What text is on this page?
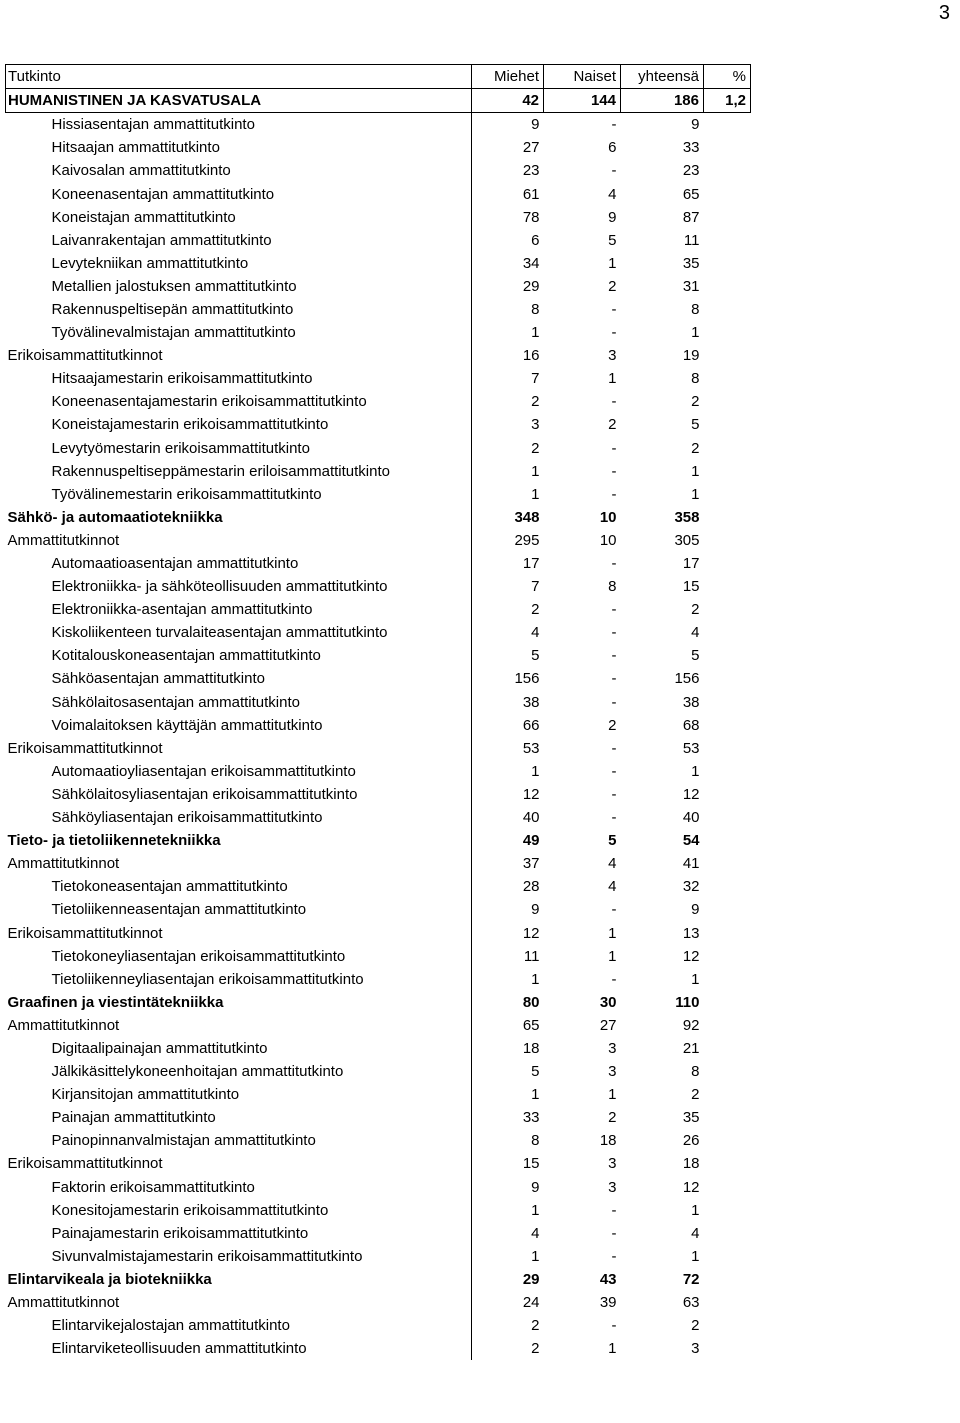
3
Tutkinto	Miehet	Naiset	yhteensä	%
HUMANISTINEN JA KASVATUSALA	42	144	186	1,2
Hissiasentajan ammattitutkinto	9	-	9	
Hitsaajan ammattitutkinto	27	6	33	
Kaivosalan ammattitutkinto	23	-	23	
Koneenasentajan ammattitutkinto	61	4	65	
Koneistajan ammattitutkinto	78	9	87	
Laivanrakentajan ammattitutkinto	6	5	11	
Levytekniikan ammattitutkinto	34	1	35	
Metallien jalostuksen ammattitutkinto	29	2	31	
Rakennuspeltisepän ammattitutkinto	8	-	8	
Työvälinevalmistajan ammattitutkinto	1	-	1	
Erikoisammattitutkinnot	16	3	19	
Hitsaajamestarin erikoisammattitutkinto	7	1	8	
Koneenasentajamestarin erikoisammattitutkinto	2	-	2	
Koneistajamestarin erikoisammattitutkinto	3	2	5	
Levytyömestarin erikoisammattitutkinto	2	-	2	
Rakennuspeltiseppämestarin eriloisammattitutkinto	1	-	1	
Työvälinemestarin erikoisammattitutkinto	1	-	1	
Sähkö- ja automaatiotekniikka	348	10	358	
Ammattitutkinnot	295	10	305	
Automaatioasentajan ammattitutkinto	17	-	17	
Elektroniikka- ja sähköteollisuuden ammattitutkinto	7	8	15	
Elektroniikka-asentajan ammattitutkinto	2	-	2	
Kiskoliikenteen turvalaiteasentajan ammattitutkinto	4	-	4	
Kotitalouskoneasentajan ammattitutkinto	5	-	5	
Sähköasentajan ammattitutkinto	156	-	156	
Sähkölaitosasentajan ammattitutkinto	38	-	38	
Voimalaitoksen käyttäjän ammattitutkinto	66	2	68	
Erikoisammattitutkinnot	53	-	53	
Automaatioyliasentajan erikoisammattitutkinto	1	-	1	
Sähkölaitosyliasentajan erikoisammattitutkinto	12	-	12	
Sähköyliasentajan erikoisammattitutkinto	40	-	40	
Tieto- ja tietoliikennetekniikka	49	5	54	
Ammattitutkinnot	37	4	41	
Tietokoneasentajan ammattitutkinto	28	4	32	
Tietoliikenneasentajan ammattitutkinto	9	-	9	
Erikoisammattitutkinnot	12	1	13	
Tietokoneyliasentajan erikoisammattitutkinto	11	1	12	
Tietoliikenneyliasentajan erikoisammattitutkinto	1	-	1	
Graafinen ja viestintätekniikka	80	30	110	
Ammattitutkinnot	65	27	92	
Digitaalipainajan ammattitutkinto	18	3	21	
Jälkikäsittelykoneenhoitajan ammattitutkinto	5	3	8	
Kirjansitojan ammattitutkinto	1	1	2	
Painajan ammattitutkinto	33	2	35	
Painopinnanvalmistajan ammattitutkinto	8	18	26	
Erikoisammattitutkinnot	15	3	18	
Faktorin erikoisammattitutkinto	9	3	12	
Konesitojamestarin erikoisammattitutkinto	1	-	1	
Painajamestarin erikoisammattitutkinto	4	-	4	
Sivunvalmistajamestarin erikoisammattitutkinto	1	-	1	
Elintarvikeala ja biotekniikka	29	43	72	
Ammattitutkinnot	24	39	63	
Elintarvikejalostajan ammattitutkinto	2	-	2	
Elintarviketeollisuuden ammattitutkinto	2	1	3	
